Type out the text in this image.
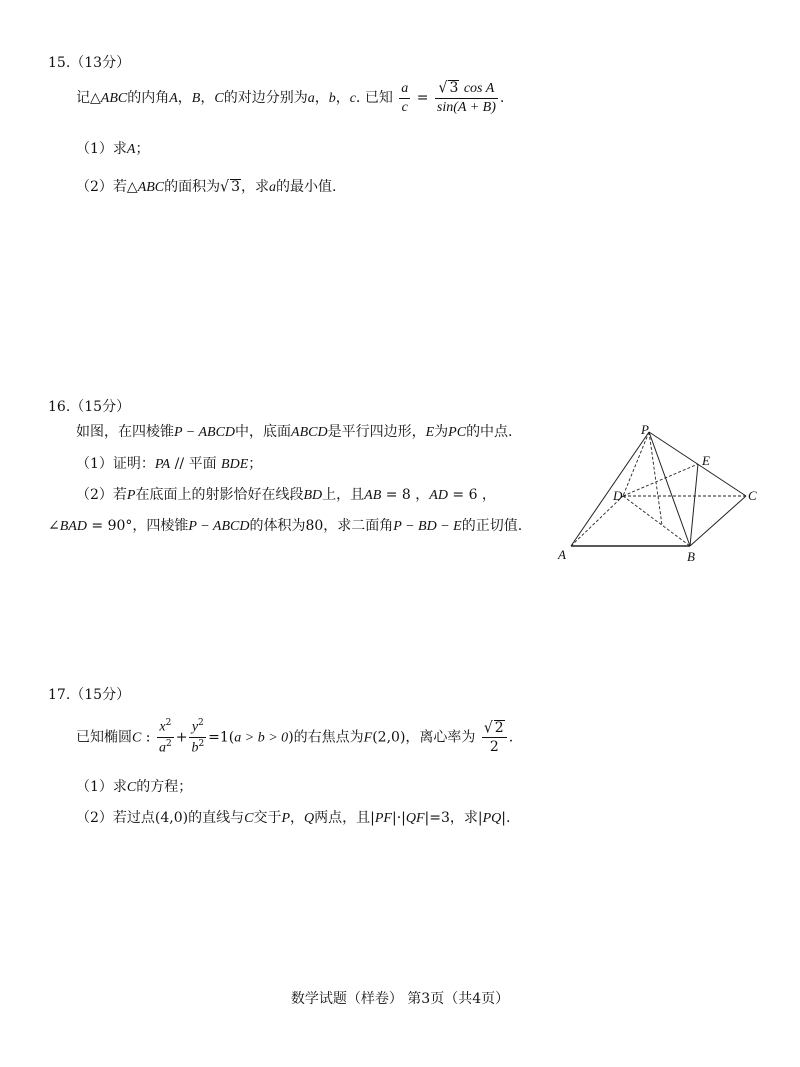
15.（13分）
记△ABC的内角A，B，C的对边分别为a，b，c. 已知 $\frac{a}{c} = \frac{\text{√ 3 cos A}}{\sin(A + B)}$ .
（1）求A；
（2）若△ABC的面积为√ 3，求a的最小值.
16.（15分）
如图，在四棱锥P − ABCD中，底面ABCD是平行四边形，E为PC的中点.
（1）证明：PA // 平面 BDE；
（2）若P在底面上的射影恰好在线段BD上，且AB = 8 ，AD = 6 ，
∠BAD = 90°，四棱锥P − ABCD的体积为80，求二面角P − BD − E的正切值.
P
E
D	C
A	B
17.（15分）
已知椭圆C : $\frac{x^2}{a^2} + \frac{y^2}{b^2} =1(a > b > 0)$的右焦点为F(2,0)，离心率为 $\frac{√ 2}{2}$ .
（1）求C的方程；
（2）若过点(4,0)的直线与C交于P，Q两点，且|PF|·|QF|=3，求|PQ|.
数学试题（样卷） 第3页（共4页）
